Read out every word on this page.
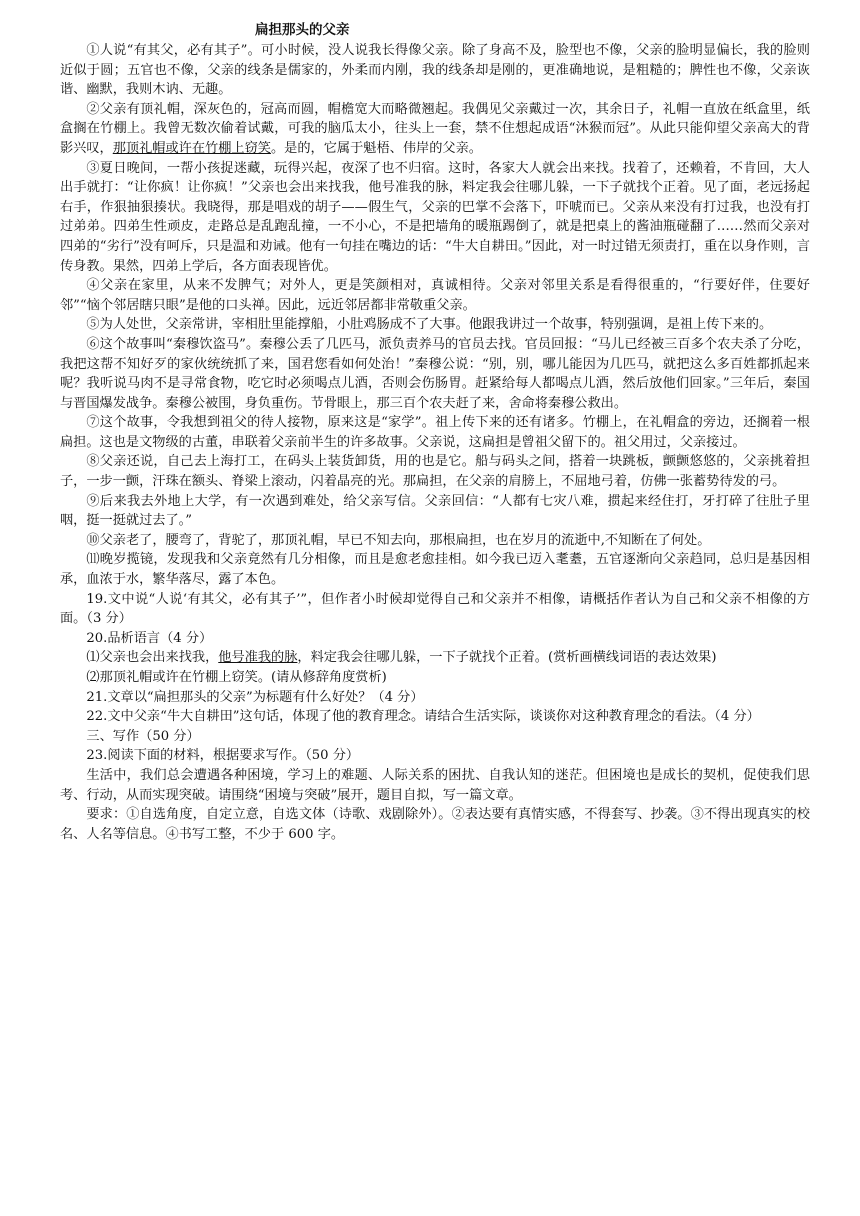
扁担那头的父亲

①人说“有其父，必有其子”。可小时候，没人说我长得像父亲。除了身高不及，脸型也不像，父亲的脸明显偏长，我的脸则近似于圆；五官也不像，父亲的线条是儒家的，外柔而内刚，我的线条却是刚的，更准确地说，是粗糙的；脾性也不像，父亲诙谐、幽默，我则木讷、无趣。

②父亲有顶礼帽，深灰色的，冠高而圆，帽檐宽大而略微翘起。我偶见父亲戴过一次，其余日子，礼帽一直放在纸盒里，纸盒搁在竹棚上。我曾无数次偷着试戴，可我的脑瓜太小，往头上一套，禁不住想起成语“沐猴而冠”。从此只能仰望父亲高大的背影兴叹，那顶礼帽或许在竹棚上窃笑。是的，它属于魁梧、伟岸的父亲。

③夏日晚间，一帮小孩捉迷藏，玩得兴起，夜深了也不归宿。这时，各家大人就会出来找。找着了，还赖着，不肯回，大人出手就打：“让你疯！让你疯！”父亲也会出来找我，他号准我的脉，料定我会往哪儿躲，一下子就找个正着。见了面，老远扬起右手，作狠抽狠揍状。我晓得，那是唱戏的胡子——假生气，父亲的巴掌不会落下，吓唬而已。父亲从来没有打过我，也没有打过弟弟。四弟生性顽皮，走路总是乱跑乱撞，一不小心，不是把墙角的暖瓶踢倒了，就是把桌上的酱油瓶碰翻了……然而父亲对四弟的“劣行”没有呵斥，只是温和劝诫。他有一句挂在嘴边的话：“牛大自耕田。”因此，对一时过错无须责打，重在以身作则，言传身教。果然，四弟上学后，各方面表现皆优。

④父亲在家里，从来不发脾气；对外人，更是笑颜相对，真诚相待。父亲对邻里关系是看得很重的，“行要好伴，住要好邻”“恼个邻居瞎只眼”是他的口头禅。因此，远近邻居都非常敬重父亲。

⑤为人处世，父亲常讲，宰相肚里能撑船，小肚鸡肠成不了大事。他跟我讲过一个故事，特别强调，是祖上传下来的。

⑥这个故事叫“秦穆饮盗马”。秦穆公丢了几匹马，派负责养马的官员去找。官员回报：“马儿已经被三百多个农夫杀了分吃，我把这帮不知好歹的家伙统统抓了来，国君您看如何处治！”秦穆公说：“别，别，哪儿能因为几匹马，就把这么多百姓都抓起来呢？我听说马肉不是寻常食物，吃它时必须喝点儿酒，否则会伤肠胃。赶紧给每人都喝点儿酒，然后放他们回家。”三年后，秦国与晋国爆发战争。秦穆公被围，身负重伤。节骨眼上，那三百个农夫赶了来，舍命将秦穆公救出。

⑦这个故事，令我想到祖父的待人接物，原来这是“家学”。祖上传下来的还有诸多。竹棚上，在礼帽盒的旁边，还搁着一根扁担。这也是文物级的古董，串联着父亲前半生的许多故事。父亲说，这扁担是曾祖父留下的。祖父用过，父亲接过。

⑧父亲还说，自己去上海打工，在码头上装货卸货，用的也是它。船与码头之间，搭着一块跳板，颤颤悠悠的，父亲挑着担子，一步一颤，汗珠在额头、脊梁上滚动，闪着晶亮的光。那扁担，在父亲的肩膀上，不屈地弓着，仿佛一张蓄势待发的弓。

⑨后来我去外地上大学，有一次遇到难处，给父亲写信。父亲回信：“人都有七灾八难，掼起来经住打，牙打碎了往肚子里咽，挺一挺就过去了。”

⑩父亲老了，腰弯了，背驼了，那顶礼帽，早已不知去向，那根扁担，也在岁月的流逝中,不知断在了何处。

⑾晚岁揽镜，发现我和父亲竟然有几分相像，而且是愈老愈挂相。如今我已迈入耄耋，五官逐渐向父亲趋同，总归是基因相承，血浓于水，繁华落尽，露了本色。

19.文中说“人说‘有其父，必有其子’”，但作者小时候却觉得自己和父亲并不相像，请概括作者认为自己和父亲不相像的方面。（3 分）

20.品析语言（4 分）

⑴父亲也会出来找我，他号准我的脉，料定我会往哪儿躲，一下子就找个正着。(赏析画横线词语的表达效果)

⑵那顶礼帽或许在竹棚上窃笑。(请从修辞角度赏析)

21.文章以“扁担那头的父亲”为标题有什么好处？（4 分）

22.文中父亲“牛大自耕田”这句话，体现了他的教育理念。请结合生活实际，谈谈你对这种教育理念的看法。（4 分）

三、写作（50 分）

23.阅读下面的材料，根据要求写作。（50 分）

生活中，我们总会遭遇各种困境，学习上的难题、人际关系的困扰、自我认知的迷茫。但困境也是成长的契机，促使我们思考、行动，从而实现突破。请围绕“困境与突破”展开，题目自拟，写一篇文章。

要求：①自选角度，自定立意，自选文体（诗歌、戏剧除外）。②表达要有真情实感，不得套写、抄袭。③不得出现真实的校名、人名等信息。④书写工整，不少于 600 字。
